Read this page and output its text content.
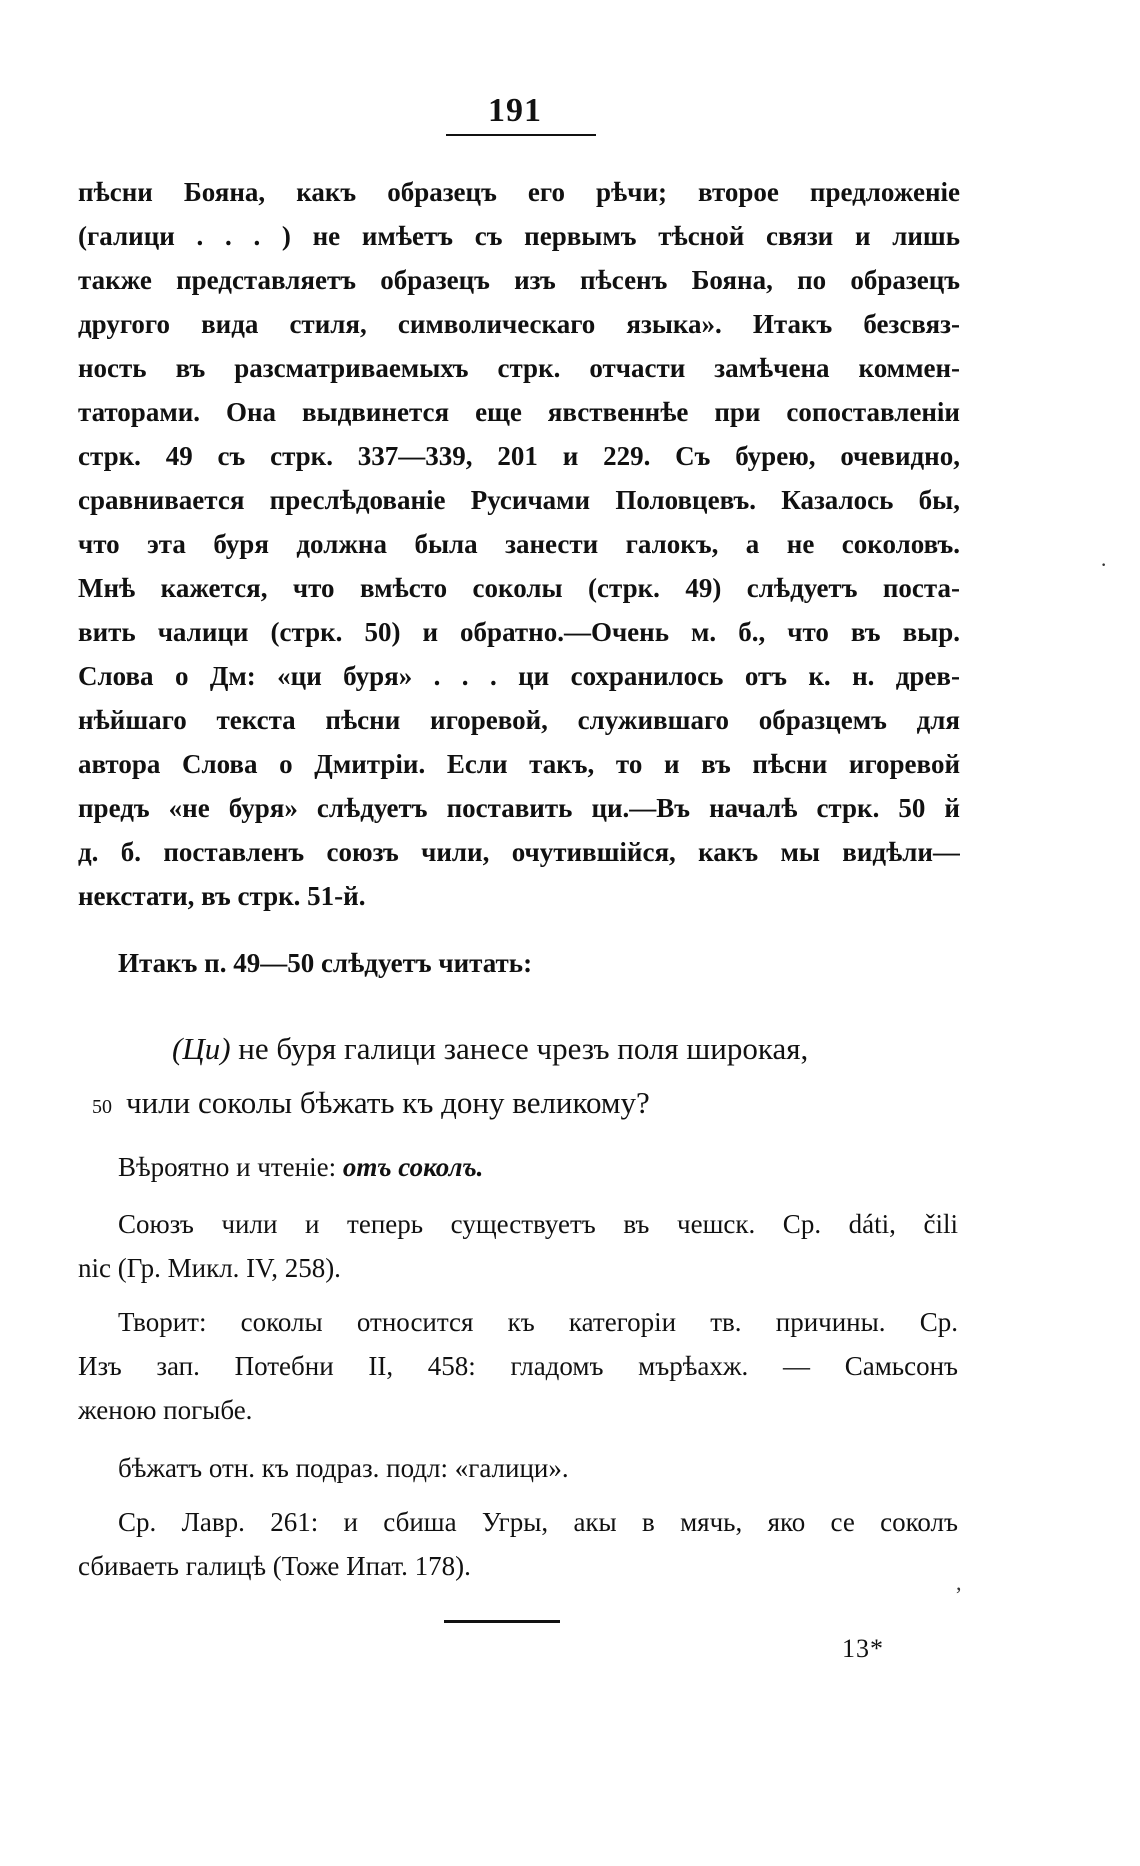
191
пѣсни Бояна, какъ образецъ его рѣчи; второе предложенiе
(галици . . . ) не имѣетъ съ первымъ тѣсной связи и лишь
также представляетъ образецъ изъ пѣсенъ Бояна, по образецъ
другого вида стиля, символическаго языка». Итакъ безсвяз-
ность въ разсматриваемыхъ стрк. отчасти замѣчена коммен-
таторами. Она выдвинется еще явственнѣе при сопоставленiи
стрк. 49 съ стрк. 337—339, 201 и 229. Съ бурею, очевидно,
сравнивается преслѣдованiе Русичами Половцевъ. Казалось бы,
что эта буря должна была занести галокъ, а не соколовъ.
Мнѣ кажется, что вмѣсто соколы (стрк. 49) слѣдуетъ поста-
вить чалици (стрк. 50) и обратно.—Очень м. б., что въ выр.
Слова о Дм: «ци буря» . . . ци сохранилось отъ к. н. древ-
нѣйшаго текста пѣсни игоревой, служившаго образцемъ для
автора Слова о Дмитрiи. Если такъ, то и въ пѣсни игоревой
предъ «не буря» слѣдуетъ поставить ци.—Въ началѣ стрк. 50 й
д. б. поставленъ союзъ чили, очутившiйся, какъ мы видѣли—
некстати, въ стрк. 51-й.
Итакъ п. 49—50 слѣдуетъ читать:
(Ци) не буря галици занесе чрезъ поля широкая,
50 чили соколы бѣжать къ дону великому?
Вѣроятно и чтенiе: отъ соколъ.
Союзъ чили и теперь существуетъ въ чешск. Ср. dáti, čili
nic (Гр. Микл. IV, 258).
Творит: соколы относится къ категорiи тв. причины. Ср.
Изъ зап. Потебни II, 458: гладомъ мърѣахж. — Самьсонъ
женою погыбе.
бѣжатъ отн. къ подраз. подл: «галици».
Ср. Лавр. 261: и сбиша Угры, акы в мячь, яко се соколъ
сбиваеть галицѣ (Тоже Ипат. 178).
13*
·
,
